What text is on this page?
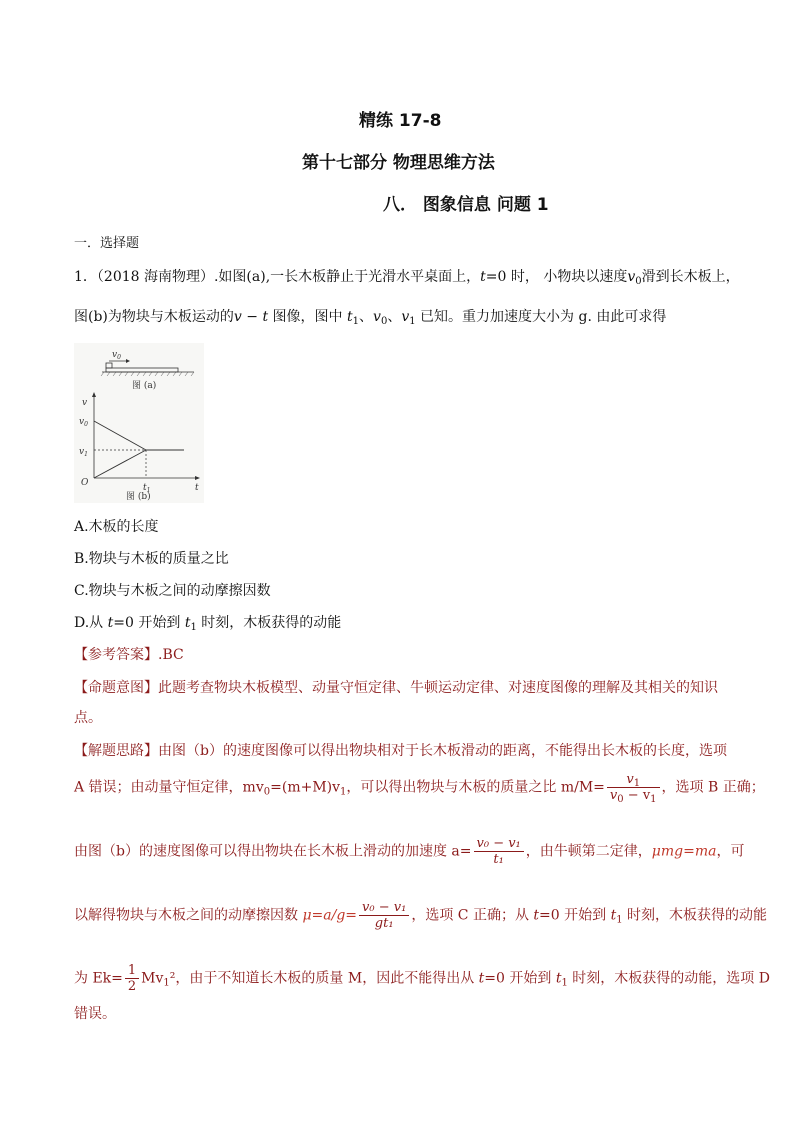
精练 17-8
第十七部分 物理思维方法
八． 图象信息 问题 1
一．选择题
1．（2018 海南物理）.如图(a),一长木板静止于光滑水平桌面上，t=0 时， 小物块以速度$v_0$滑到长木板上，
图(b)为物块与木板运动的v − t 图像，图中 $t_1$、$v_0$、$v_1$ 已知。重力加速度大小为 g. 由此可求得
$v_0$
图 (a)
v
t
O
$v_0$
$v_1$
$t_1$
图 (b)
A.木板的长度
B.物块与木板的质量之比
C.物块与木板之间的动摩擦因数
D.从 t=0 开始到 $t_1$ 时刻，木板获得的动能
【参考答案】.BC
【命题意图】此题考查物块木板模型、动量守恒定律、牛顿运动定律、对速度图像的理解及其相关的知识
点。
【解题思路】由图（b）的速度图像可以得出物块相对于长木板滑动的距离，不能得出长木板的长度，选项
A 错误；由动量守恒定律，$mv_0=(m+M)v_1$，可以得出物块与木板的质量之比 $m/M= \frac{v_1}{v_0 - v_1}$ ，选项 B 正确；
由图（b）的速度图像可以得出物块在长木板上滑动的加速度 $a= \frac{\text{v₀ − v₁}}{\text{t₁}}$ ，由牛顿第二定律，μmg=ma，可
以解得物块与木板之间的动摩擦因数 $\mu=a/g= \frac{\text{v₀ − v₁}}{\text{gt₁}}$ ，选项 C 正确；从 t=0 开始到 $t_1$ 时刻，木板获得的动能
为 $Ek= \frac{1}{2} Mv_1^2$，由于不知道长木板的质量 M，因此不能得出从 t=0 开始到 $t_1$ 时刻，木板获得的动能，选项 D
错误。
